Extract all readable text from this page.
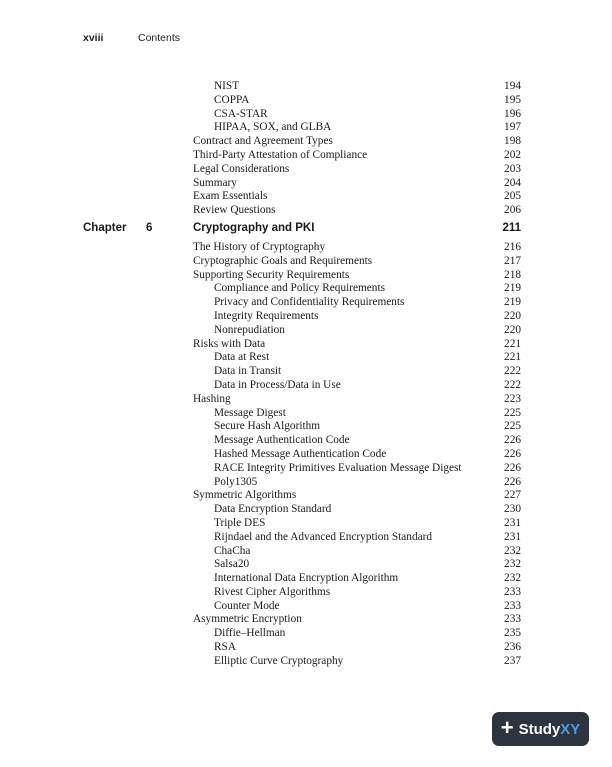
xviii	Contents
NIST	194
COPPA	195
CSA-STAR	196
HIPAA, SOX, and GLBA	197
Contract and Agreement Types	198
Third-Party Attestation of Compliance	202
Legal Considerations	203
Summary	204
Exam Essentials	205
Review Questions	206
Chapter 6	Cryptography and PKI	211
The History of Cryptography	216
Cryptographic Goals and Requirements	217
Supporting Security Requirements	218
Compliance and Policy Requirements	219
Privacy and Confidentiality Requirements	219
Integrity Requirements	220
Nonrepudiation	220
Risks with Data	221
Data at Rest	221
Data in Transit	222
Data in Process/Data in Use	222
Hashing	223
Message Digest	225
Secure Hash Algorithm	225
Message Authentication Code	226
Hashed Message Authentication Code	226
RACE Integrity Primitives Evaluation Message Digest	226
Poly1305	226
Symmetric Algorithms	227
Data Encryption Standard	230
Triple DES	231
Rijndael and the Advanced Encryption Standard	231
ChaCha	232
Salsa20	232
International Data Encryption Algorithm	232
Rivest Cipher Algorithms	233
Counter Mode	233
Asymmetric Encryption	233
Diffie–Hellman	235
RSA	236
Elliptic Curve Cryptography	237
+ StudyXY
